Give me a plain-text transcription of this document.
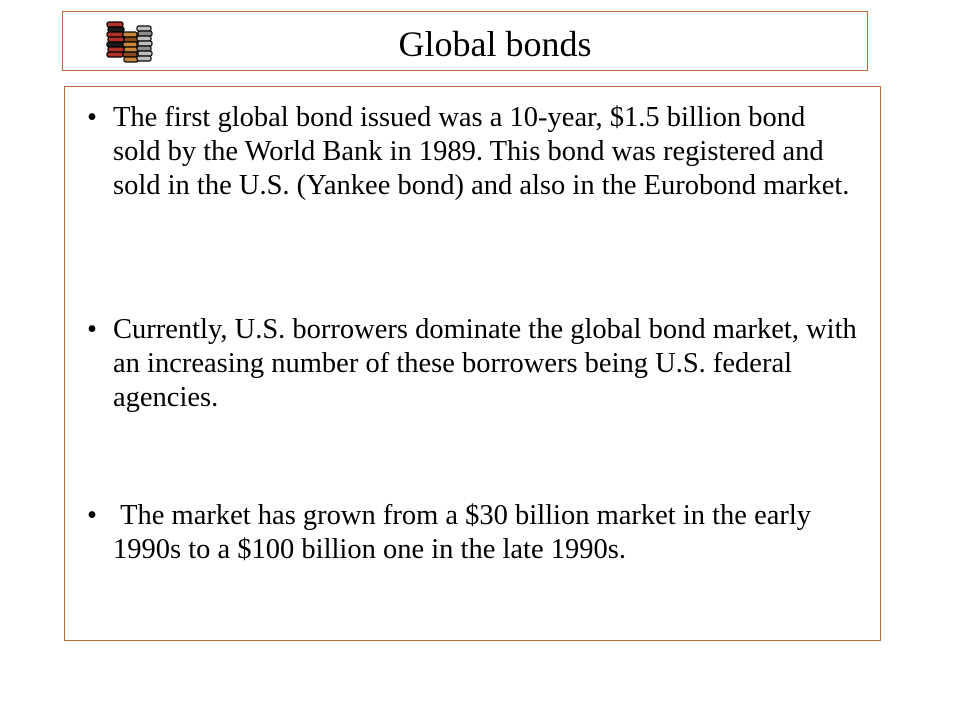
Global bonds
• The first global bond issued was a 10-year, $1.5 billion bond sold by the World Bank in 1989. This bond was registered and sold in the U.S. (Yankee bond) and also in the Eurobond market.
• Currently, U.S. borrowers dominate the global bond market, with an increasing number of these borrowers being U.S. federal agencies.
• The market has grown from a $30 billion market in the early 1990s to a $100 billion one in the late 1990s.
